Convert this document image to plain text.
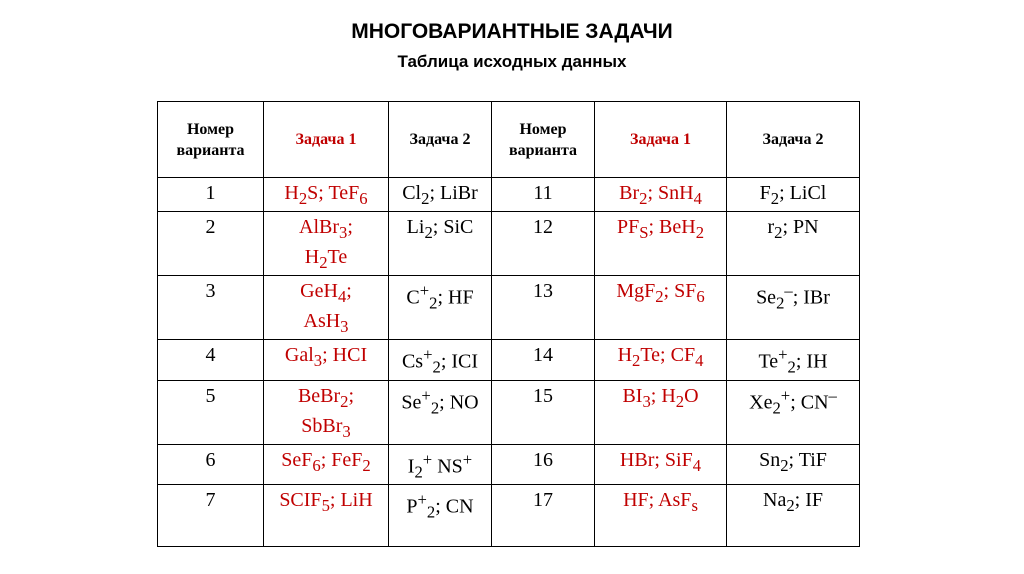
МНОГОВАРИАНТНЫЕ ЗАДАЧИ
Таблица исходных данных
Номер
варианта	Задача 1	Задача 2	Номер
варианта	Задача 1	Задача 2

1	$H_2S$; TeF$_6$	$Cl_2$; LiBr	11	$Br_2$; SnH$_4$	$F_2$; LiCl

2	AlBr$_3$;
$H_2Te$	$Li_2$; SiC	12	$PF_S$; BeH$_2$	$r_2$; PN

3	GeH$_4$;
AsH$_3$	$C^+_2$; HF	13	MgF$_2$; $SF_6$	$Se_2^-$; IBr

4	Gal$_3$; HCI	$Cs^+_2$; ICI	14	$H_2Te$; $CF_4$	$Te^+_2$; IH

5	BeBr$_2$;
SbBr$_3$	$Se^+_2$; NO	15	$BI_3$; $H_2O$	$Xe_2^+$; CN–

6	SeF$_6$; FeF$_2$	$I_2^+$ NS+	16	HBr; SiF$_4$	$Sn_2$; TiF

7	$SCIF_5$; LiH	$P^+_2$; CN	17	HF; AsF$_s$	$Na_2$; IF
